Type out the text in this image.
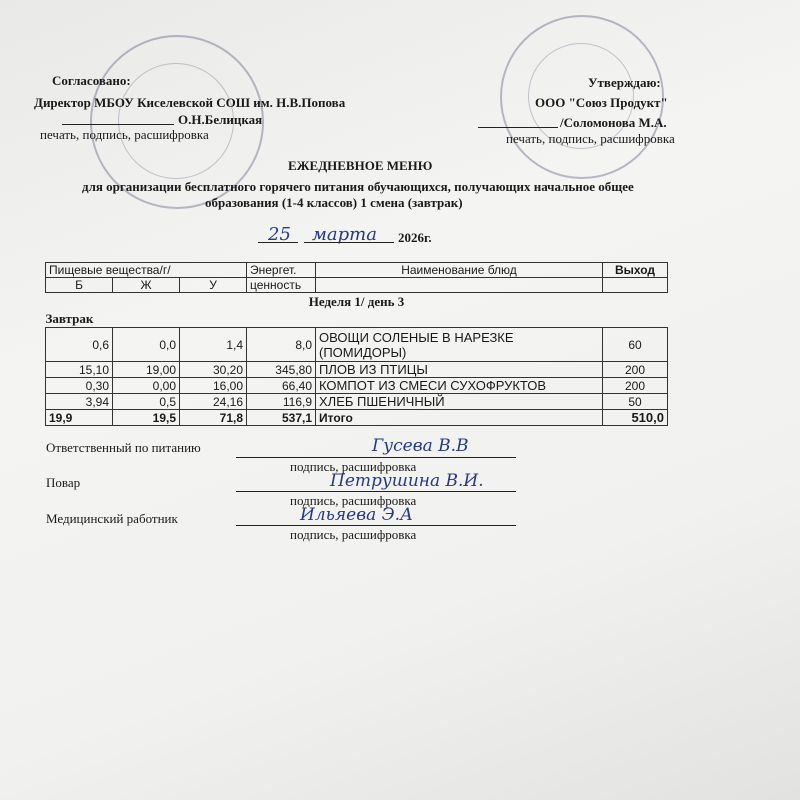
Согласовано:
Директор МБОУ Киселевской СОШ им. Н.В.Попова
О.Н.Белицкая
печать, подпись, расшифровка
Утверждаю:
ООО "Союз Продукт"
/Соломонова М.А.
печать, подпись, расшифровка
ЕЖЕДНЕВНОЕ МЕНЮ
для организации бесплатного горячего питания обучающихся, получающих начальное общее
образования (1-4 классов) 1 смена (завтрак)
25 марта 2026г.
Пищевые вещества/г/			Энергет.	Наименование блюд	Выход
Б	Ж	У	ценность		
Неделя 1/ день 3					
Завтрак					
0,6	0,0	1,4	8,0	ОВОЩИ СОЛЕНЫЕ В НАРЕЗКЕ (ПОМИДОРЫ)	60
15,10	19,00	30,20	345,80	ПЛОВ ИЗ ПТИЦЫ	200
0,30	0,00	16,00	66,40	КОМПОТ ИЗ СМЕСИ СУХОФРУКТОВ	200
3,94	0,5	24,16	116,9	ХЛЕБ ПШЕНИЧНЫЙ	50
19,9	19,5	71,8	537,1	Итого	510,0
Ответственный по питанию	Гусева В.В
подпись, расшифровка
Повар	Петрушина В.И.
подпись, расшифровка
Медицинский работник	Ильяева Э.А
подпись, расшифровка
